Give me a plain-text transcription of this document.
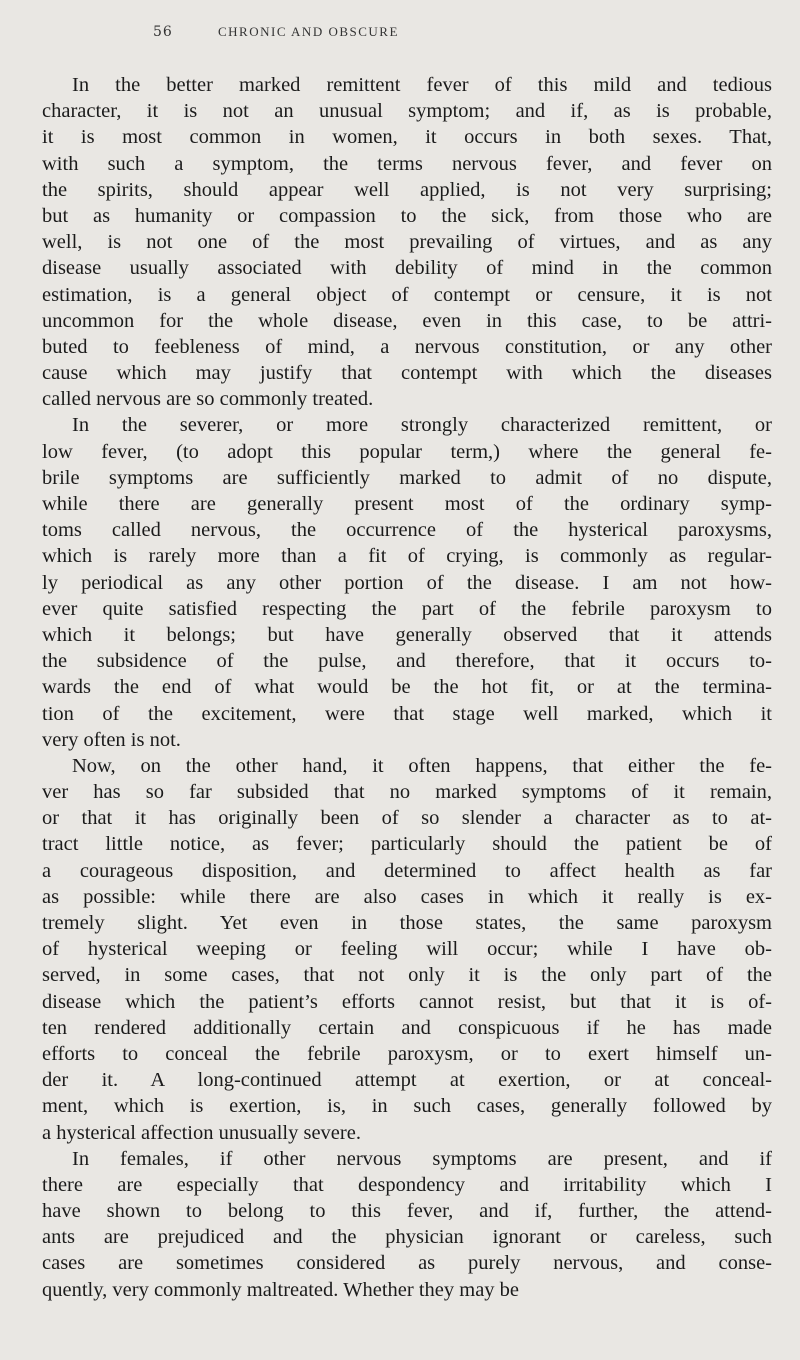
56	CHRONIC AND OBSCURE
In the better marked remittent fever of this mild and tedious
character, it is not an unusual symptom; and if, as is probable,
it is most common in women, it occurs in both sexes. That,
with such a symptom, the terms nervous fever, and fever on
the spirits, should appear well applied, is not very surprising;
but as humanity or compassion to the sick, from those who are
well, is not one of the most prevailing of virtues, and as any
disease usually associated with debility of mind in the common
estimation, is a general object of contempt or censure, it is not
uncommon for the whole disease, even in this case, to be attri-
buted to feebleness of mind, a nervous constitution, or any other
cause which may justify that contempt with which the diseases
called nervous are so commonly treated.
In the severer, or more strongly characterized remittent, or
low fever, (to adopt this popular term,) where the general fe-
brile symptoms are sufficiently marked to admit of no dispute,
while there are generally present most of the ordinary symp-
toms called nervous, the occurrence of the hysterical paroxysms,
which is rarely more than a fit of crying, is commonly as regular-
ly periodical as any other portion of the disease. I am not how-
ever quite satisfied respecting the part of the febrile paroxysm to
which it belongs; but have generally observed that it attends
the subsidence of the pulse, and therefore, that it occurs to-
wards the end of what would be the hot fit, or at the termina-
tion of the excitement, were that stage well marked, which it
very often is not.
Now, on the other hand, it often happens, that either the fe-
ver has so far subsided that no marked symptoms of it remain,
or that it has originally been of so slender a character as to at-
tract little notice, as fever; particularly should the patient be of
a courageous disposition, and determined to affect health as far
as possible: while there are also cases in which it really is ex-
tremely slight. Yet even in those states, the same paroxysm
of hysterical weeping or feeling will occur; while I have ob-
served, in some cases, that not only it is the only part of the
disease which the patient’s efforts cannot resist, but that it is of-
ten rendered additionally certain and conspicuous if he has made
efforts to conceal the febrile paroxysm, or to exert himself un-
der it. A long-continued attempt at exertion, or at conceal-
ment, which is exertion, is, in such cases, generally followed by
a hysterical affection unusually severe.
In females, if other nervous symptoms are present, and if
there are especially that despondency and irritability which I
have shown to belong to this fever, and if, further, the attend-
ants are prejudiced and the physician ignorant or careless, such
cases are sometimes considered as purely nervous, and conse-
quently, very commonly maltreated. Whether they may be
